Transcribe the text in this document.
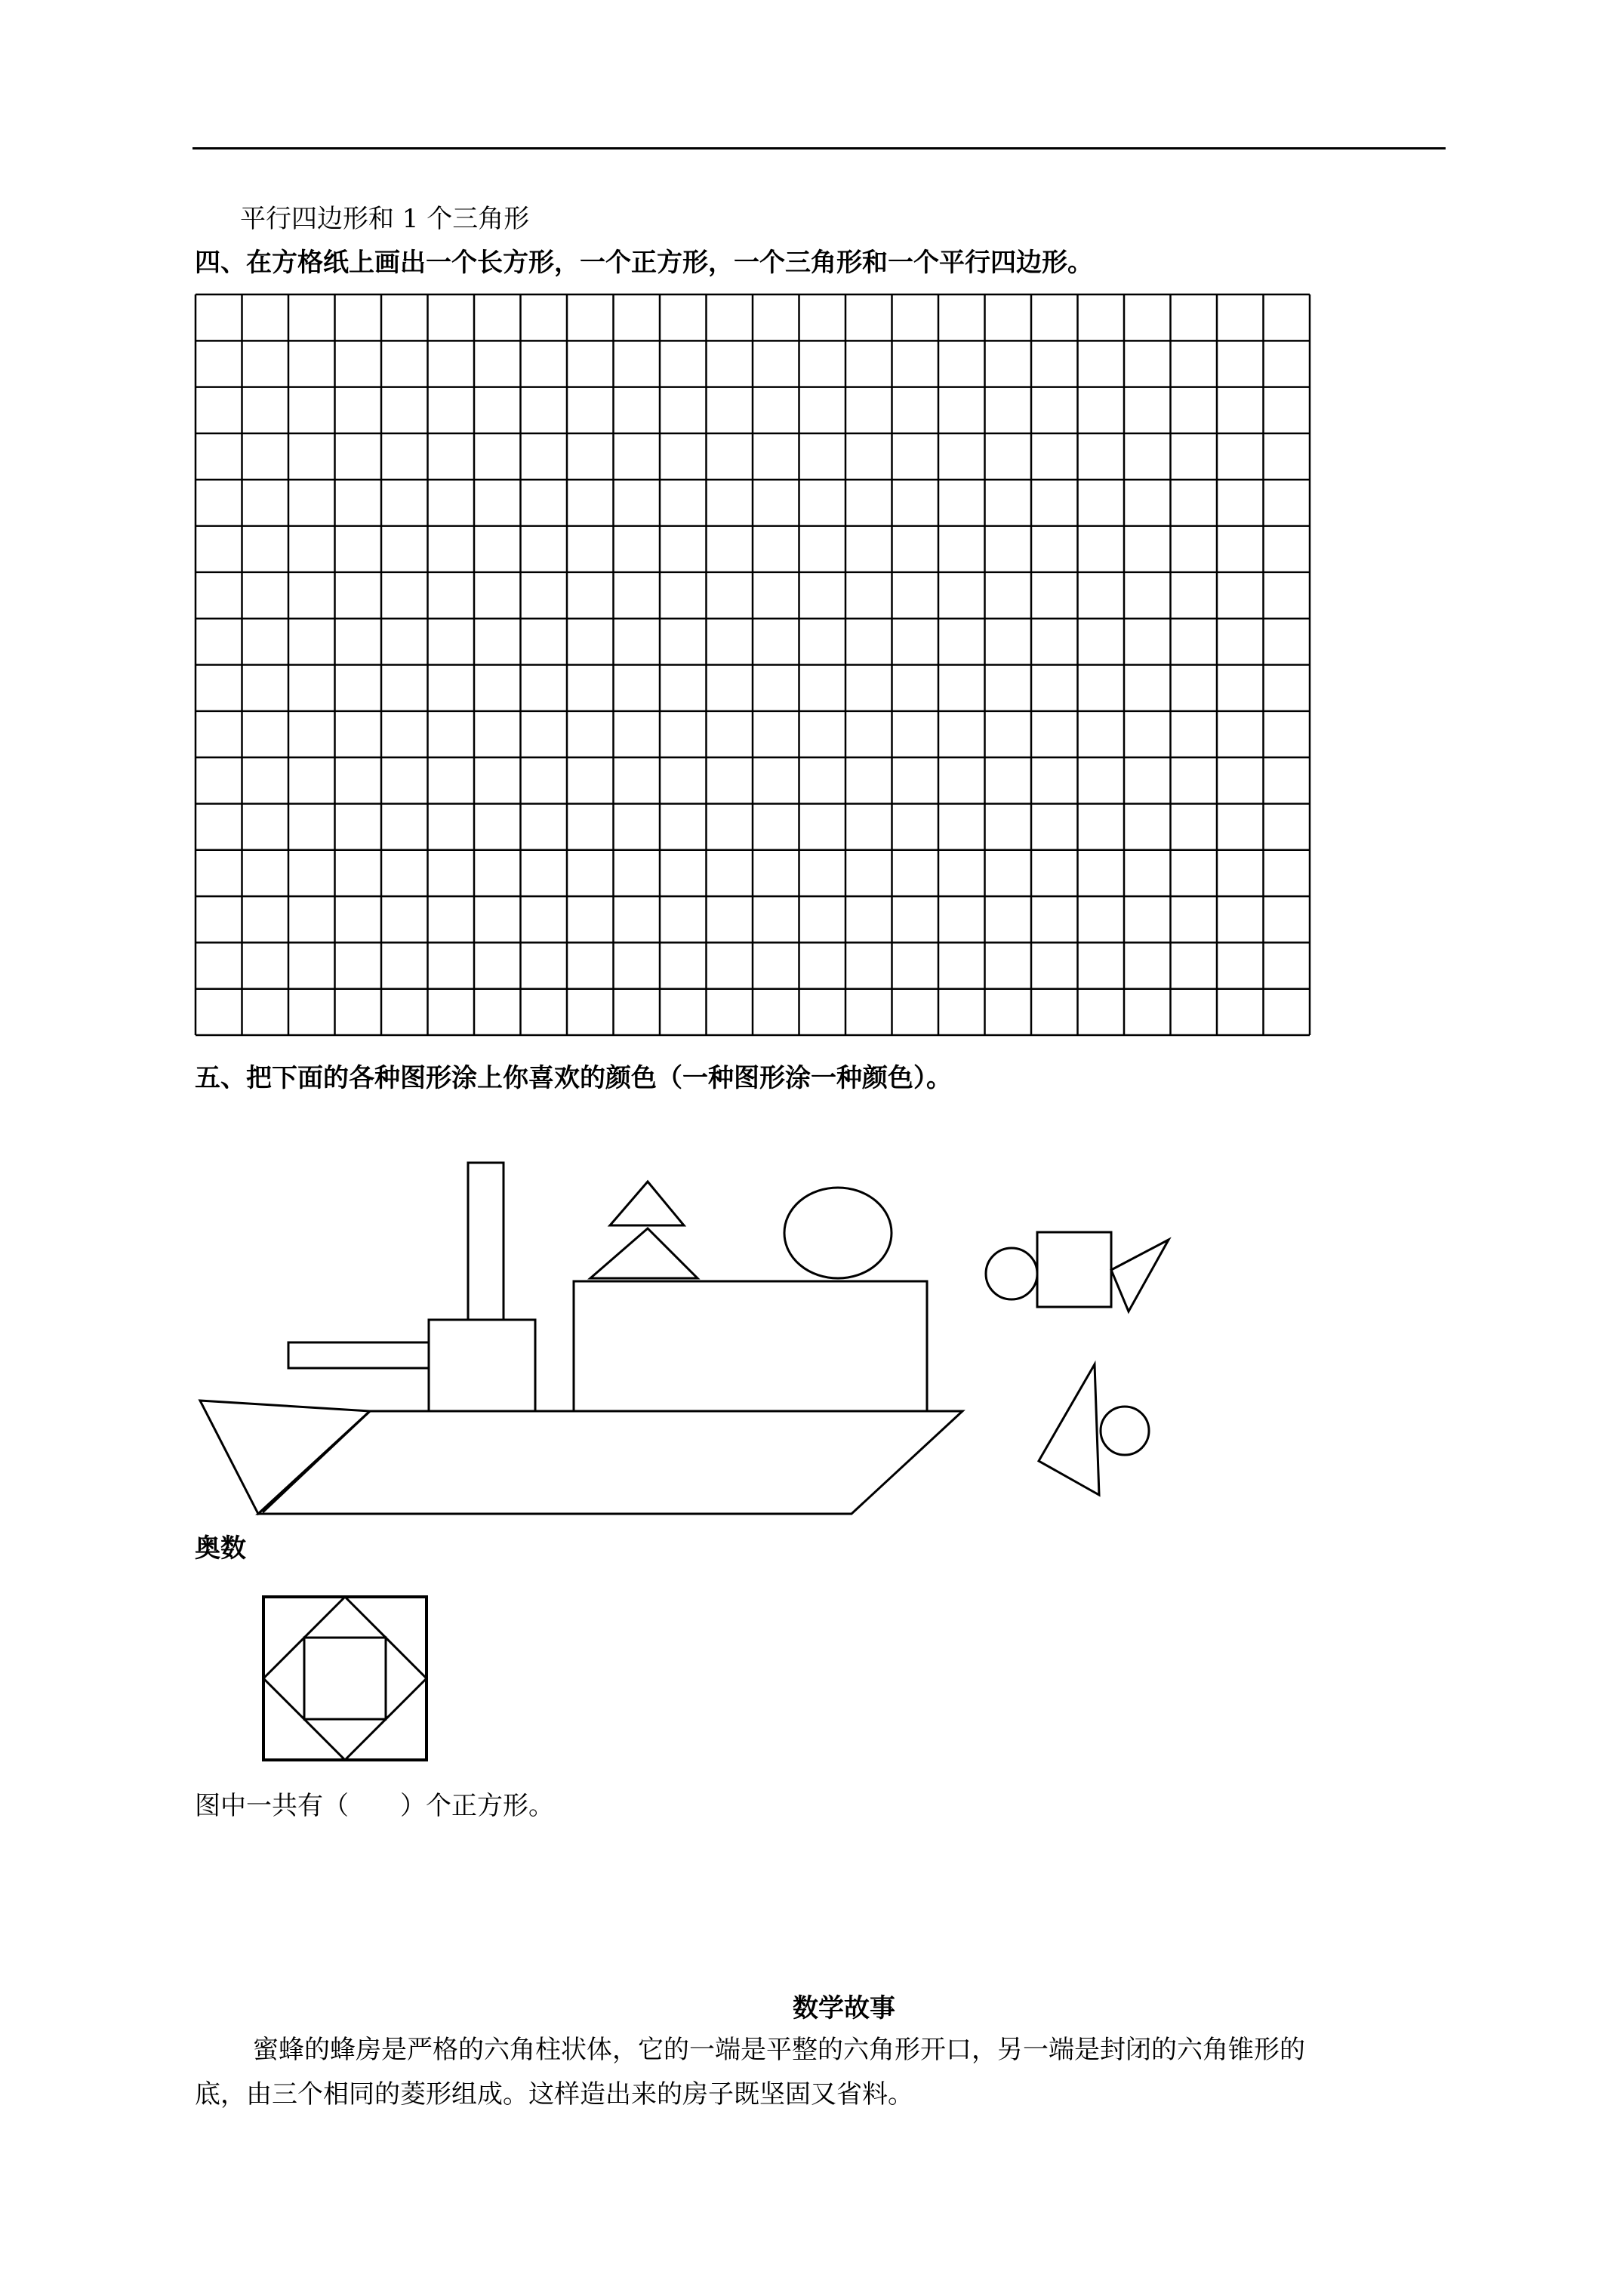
平行四边形和 1 个三角形
四、在方格纸上画出一个长方形，一个正方形，一个三角形和一个平行四边形。
五、把下面的各种图形涂上你喜欢的颜色（一种图形涂一种颜色）。
奥数
图中一共有（　　）个正方形。
数学故事
蜜蜂的蜂房是严格的六角柱状体，它的一端是平整的六角形开口，另一端是封闭的六角锥形的
底，由三个相同的菱形组成。这样造出来的房子既坚固又省料。
